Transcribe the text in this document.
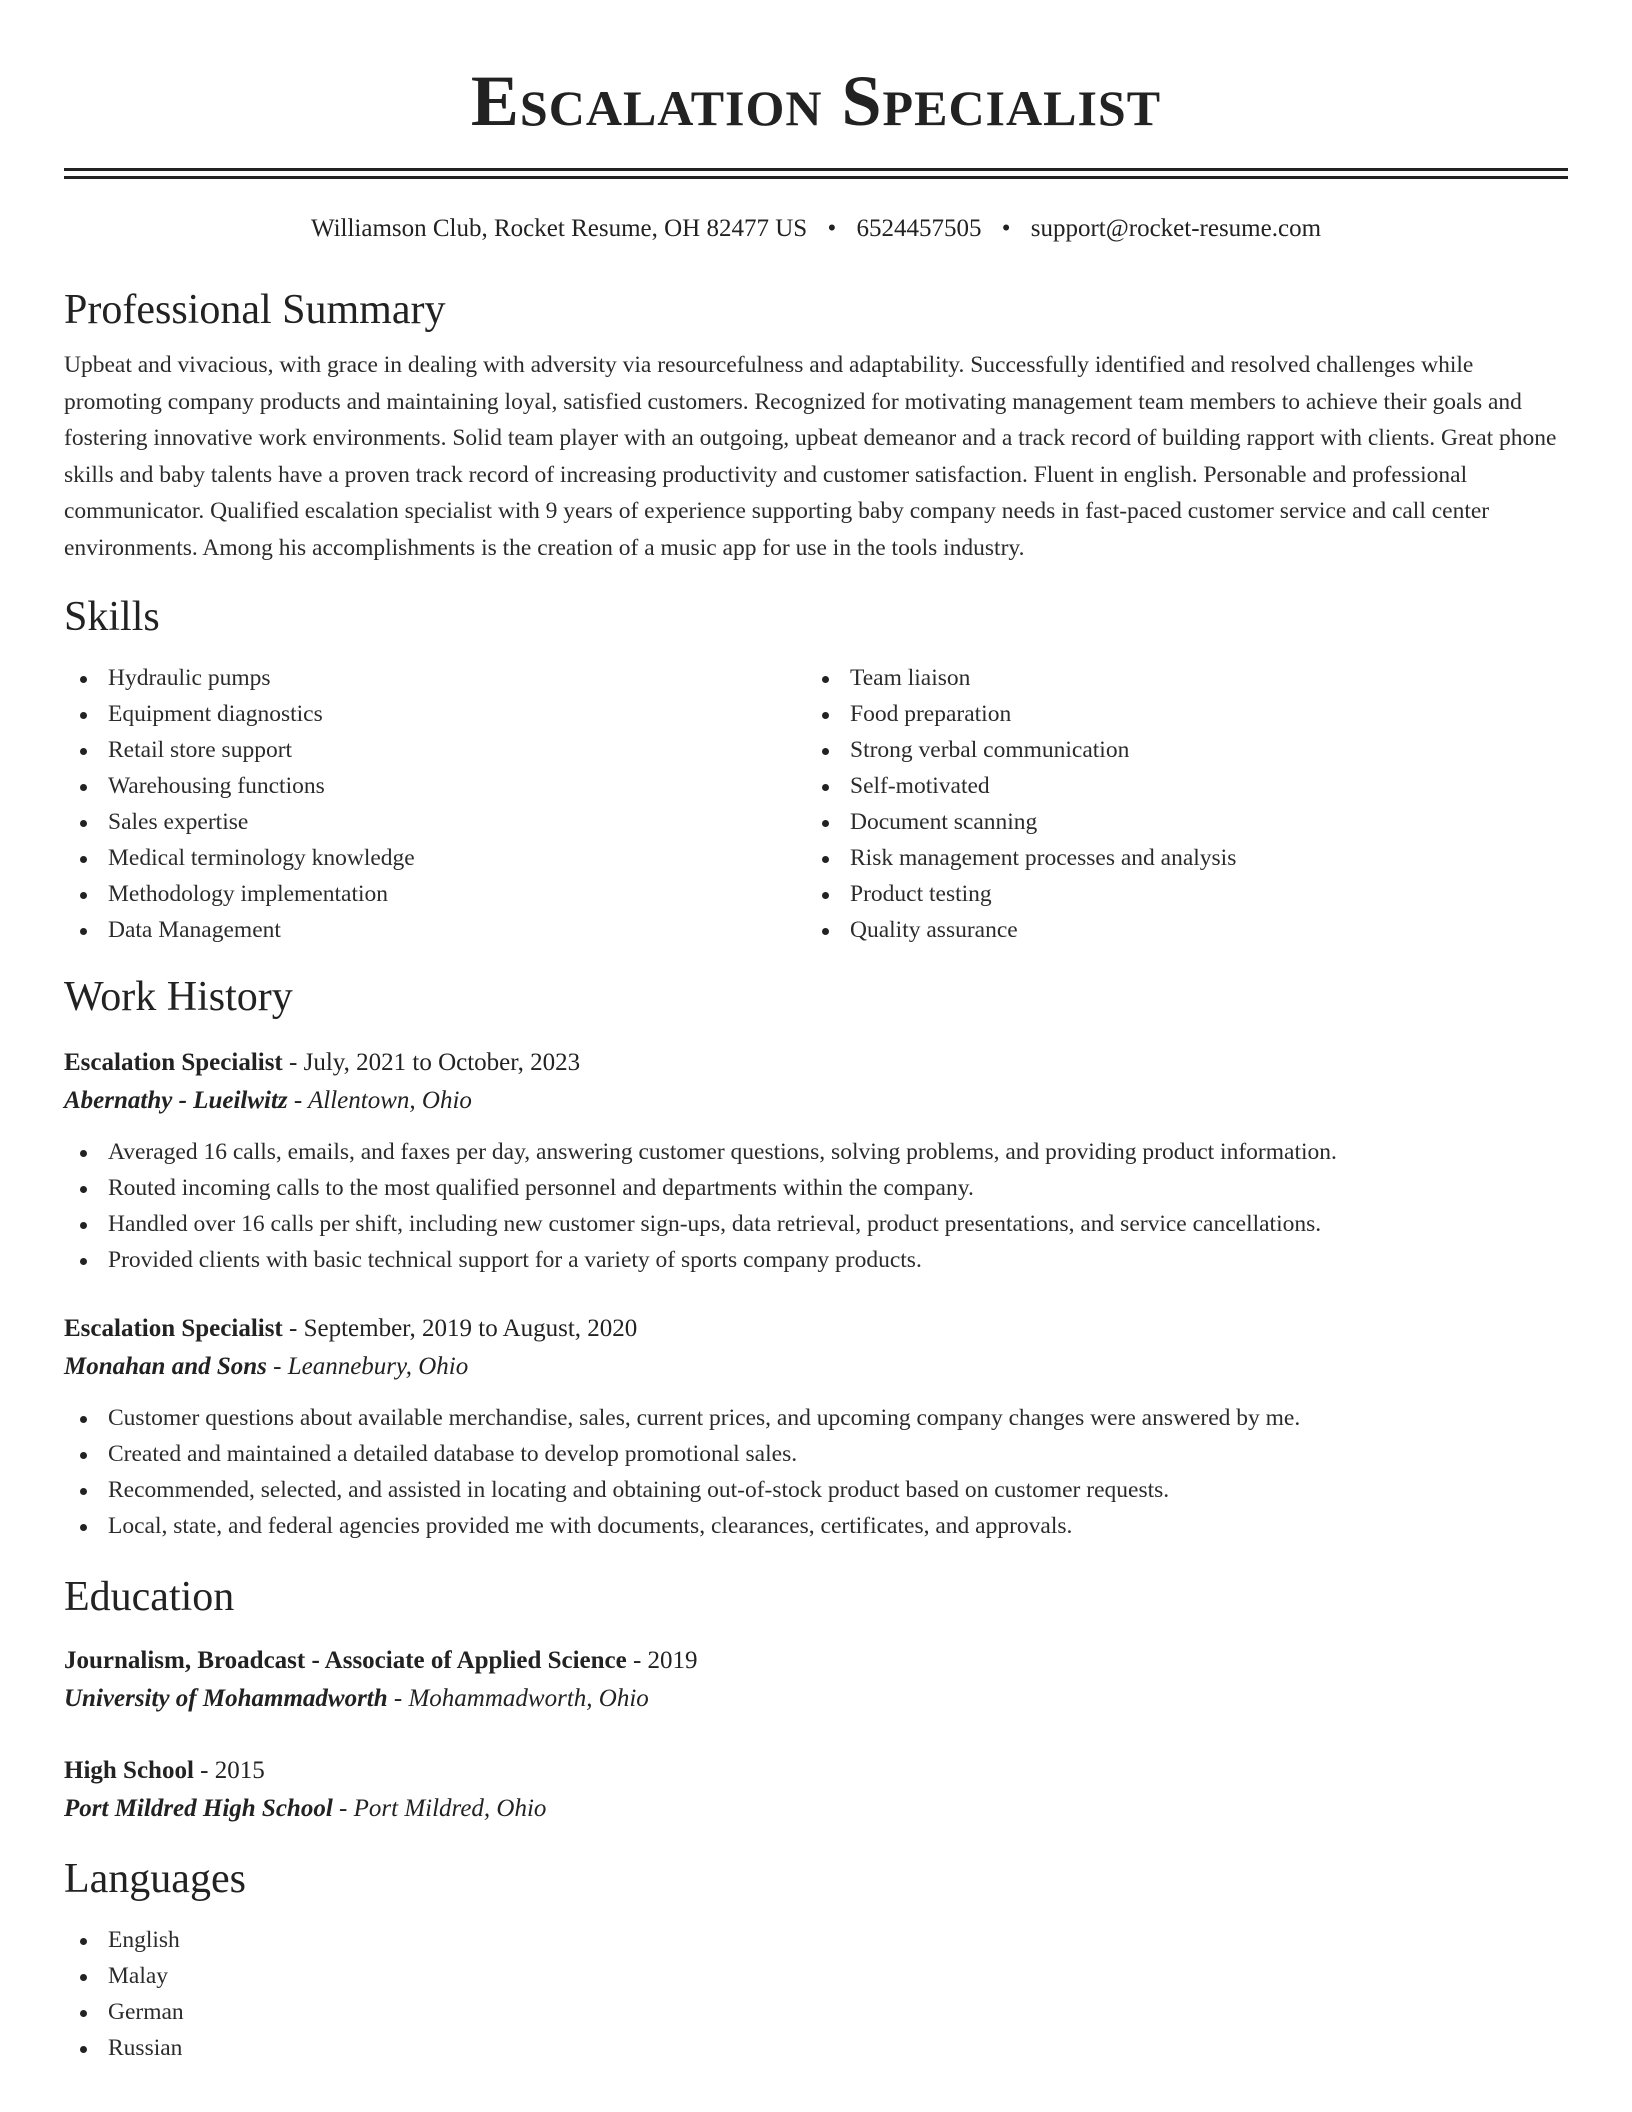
Escalation Specialist
Williamson Club, Rocket Resume, OH 82477 US • 6524457505 • support@rocket-resume.com
Professional Summary
Upbeat and vivacious, with grace in dealing with adversity via resourcefulness and adaptability. Successfully identified and resolved challenges while promoting company products and maintaining loyal, satisfied customers. Recognized for motivating management team members to achieve their goals and fostering innovative work environments. Solid team player with an outgoing, upbeat demeanor and a track record of building rapport with clients. Great phone skills and baby talents have a proven track record of increasing productivity and customer satisfaction. Fluent in english. Personable and professional communicator. Qualified escalation specialist with 9 years of experience supporting baby company needs in fast-paced customer service and call center environments. Among his accomplishments is the creation of a music app for use in the tools industry.
Skills
Hydraulic pumps
Equipment diagnostics
Retail store support
Warehousing functions
Sales expertise
Medical terminology knowledge
Methodology implementation
Data Management
Team liaison
Food preparation
Strong verbal communication
Self-motivated
Document scanning
Risk management processes and analysis
Product testing
Quality assurance
Work History
Escalation Specialist - July, 2021 to October, 2023
Abernathy - Lueilwitz - Allentown, Ohio
Averaged 16 calls, emails, and faxes per day, answering customer questions, solving problems, and providing product information.
Routed incoming calls to the most qualified personnel and departments within the company.
Handled over 16 calls per shift, including new customer sign-ups, data retrieval, product presentations, and service cancellations.
Provided clients with basic technical support for a variety of sports company products.
Escalation Specialist - September, 2019 to August, 2020
Monahan and Sons - Leannebury, Ohio
Customer questions about available merchandise, sales, current prices, and upcoming company changes were answered by me.
Created and maintained a detailed database to develop promotional sales.
Recommended, selected, and assisted in locating and obtaining out-of-stock product based on customer requests.
Local, state, and federal agencies provided me with documents, clearances, certificates, and approvals.
Education
Journalism, Broadcast - Associate of Applied Science - 2019
University of Mohammadworth - Mohammadworth, Ohio
High School - 2015
Port Mildred High School - Port Mildred, Ohio
Languages
English
Malay
German
Russian
